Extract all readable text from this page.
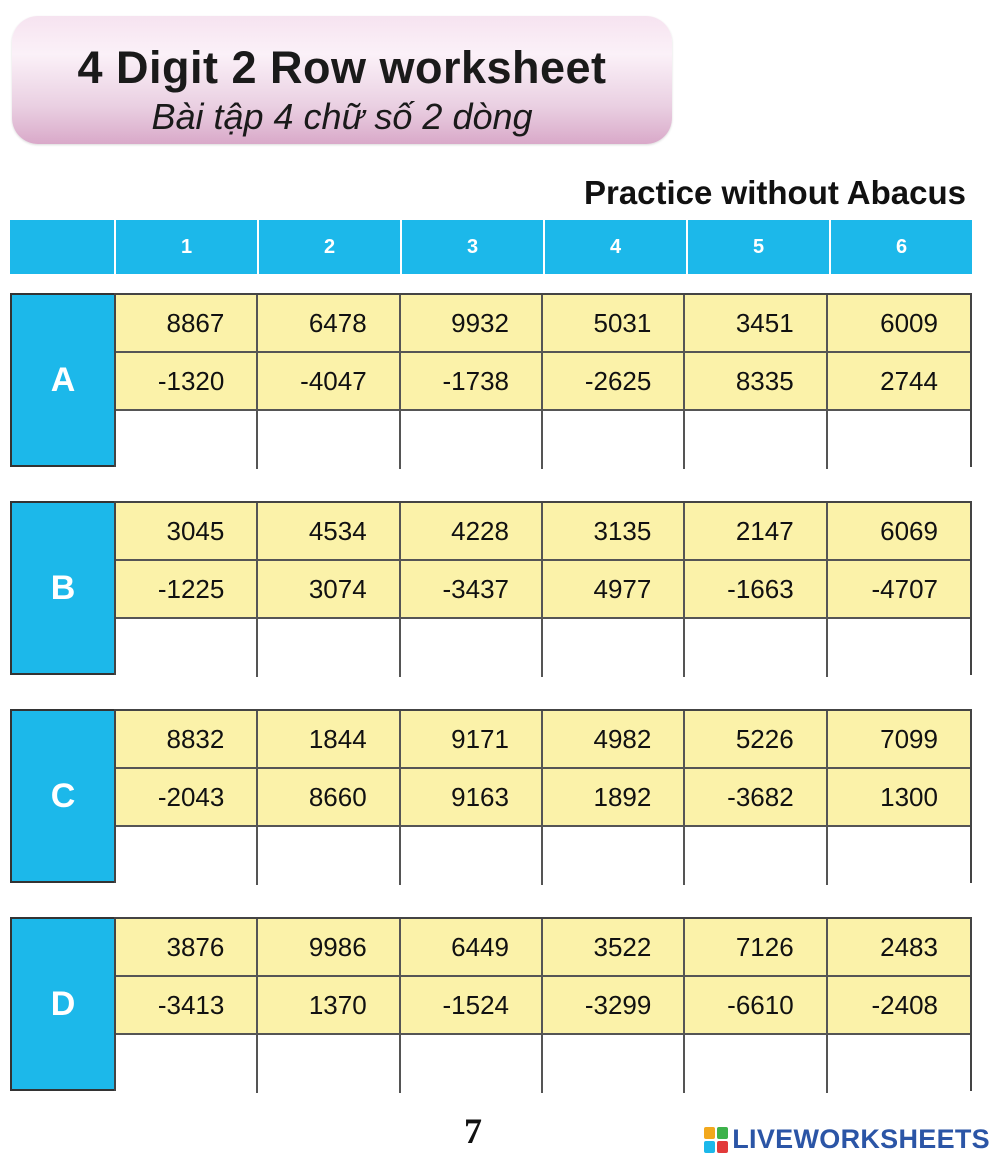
4 Digit 2 Row worksheet
Bài tập 4 chữ số 2 dòng
Practice without Abacus
1	2	3	4	5	6
A
8867	6478	9932	5031	3451	6009
-1320	-4047	-1738	-2625	8335	2744
B
3045	4534	4228	3135	2147	6069
-1225	3074	-3437	4977	-1663	-4707
C
8832	1844	9171	4982	5226	7099
-2043	8660	9163	1892	-3682	1300
D
3876	9986	6449	3522	7126	2483
-3413	1370	-1524	-3299	-6610	-2408
7	LIVEWORKSHEETS
